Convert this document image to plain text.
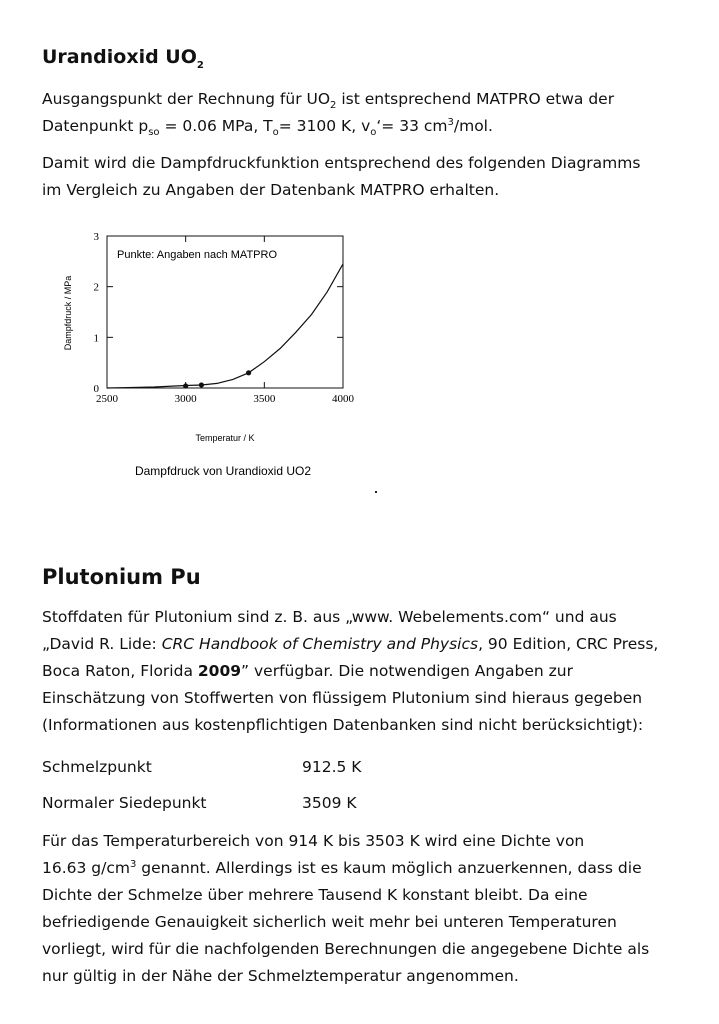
Urandioxid $UO_2$
Ausgangspunkt der Rechnung für $UO_2$ ist entsprechend MATPRO etwa der
Datenpunkt $p_{so} = 0.06$ MPa, $T_o= 3100$ K, $v_o‘= 33$ $cm^3$/mol.
Damit wird die Dampfdruckfunktion entsprechend des folgenden Diagramms
im Vergleich zu Angaben der Datenbank MATPRO erhalten.
0
1
2
3
2500	3000	3500	4000
Punkte: Angaben nach MATPRO
Dampfdruck / MPa
Temperatur / K
Dampfdruck von Urandioxid UO2
Plutonium Pu
Stoffdaten für Plutonium sind z. B. aus „www. Webelements.com“ und aus
„David R. Lide: CRC Handbook of Chemistry and Physics, 90 Edition, CRC Press,
Boca Raton, Florida 2009” verfügbar. Die notwendigen Angaben zur
Einschätzung von Stoffwerten von flüssigem Plutonium sind hieraus gegeben
(Informationen aus kostenpflichtigen Datenbanken sind nicht berücksichtigt):
Schmelzpunkt	912.5 K
Normaler Siedepunkt	3509 K
Für das Temperaturbereich von 914 K bis 3503 K wird eine Dichte von
16.63 $g/cm^3$ genannt. Allerdings ist es kaum möglich anzuerkennen, dass die
Dichte der Schmelze über mehrere Tausend K konstant bleibt. Da eine
befriedigende Genauigkeit sicherlich weit mehr bei unteren Temperaturen
vorliegt, wird für die nachfolgenden Berechnungen die angegebene Dichte als
nur gültig in der Nähe der Schmelztemperatur angenommen.
